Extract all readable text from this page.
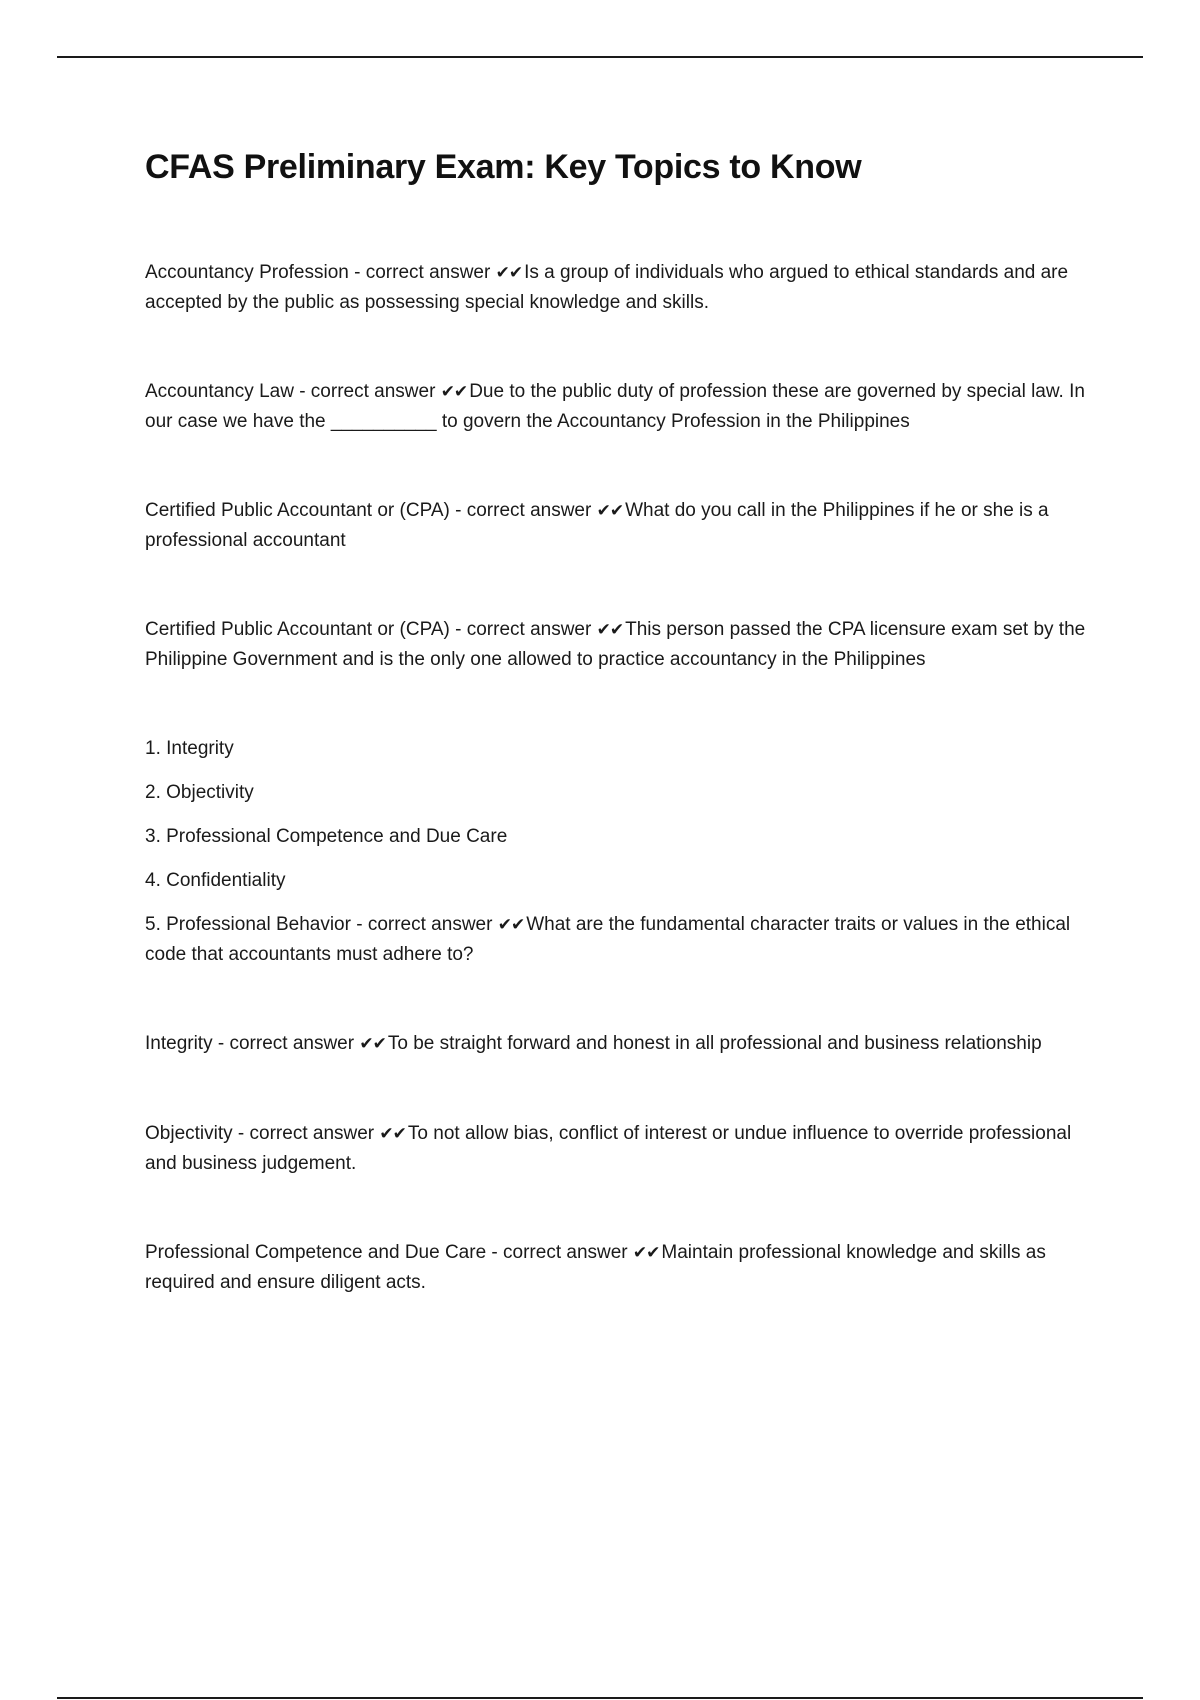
CFAS Preliminary Exam: Key Topics to Know

Accountancy Profession - correct answer ✔✔ Is a group of individuals who argued to ethical standards and are accepted by the public as possessing special knowledge and skills.

Accountancy Law - correct answer ✔✔ Due to the public duty of profession these are governed by special law. In our case we have the __________ to govern the Accountancy Profession in the Philippines

Certified Public Accountant or (CPA) - correct answer ✔✔ What do you call in the Philippines if he or she is a professional accountant

Certified Public Accountant or (CPA) - correct answer ✔✔ This person passed the CPA licensure exam set by the Philippine Government and is the only one allowed to practice accountancy in the Philippines

1. Integrity

2. Objectivity

3. Professional Competence and Due Care

4. Confidentiality

5. Professional Behavior - correct answer ✔✔ What are the fundamental character traits or values in the ethical code that accountants must adhere to?

Integrity - correct answer ✔✔ To be straight forward and honest in all professional and business relationship

Objectivity - correct answer ✔✔ To not allow bias, conflict of interest or undue influence to override professional and business judgement.

Professional Competence and Due Care - correct answer ✔✔ Maintain professional knowledge and skills as required and ensure diligent acts.
